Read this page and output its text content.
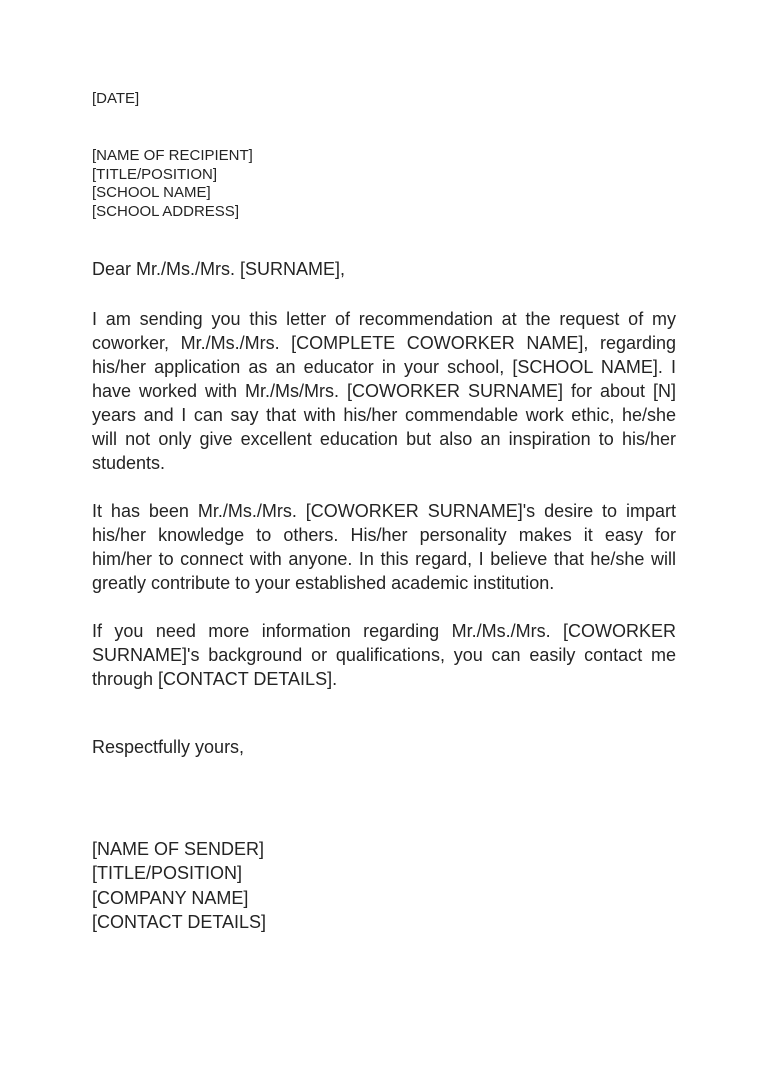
[DATE]
[NAME OF RECIPIENT]
[TITLE/POSITION]
[SCHOOL NAME]
[SCHOOL ADDRESS]
Dear Mr./Ms./Mrs. [SURNAME],

I am sending you this letter of recommendation at the request of my coworker, Mr./Ms./Mrs. [COMPLETE COWORKER NAME], regarding his/her application as an educator in your school, [SCHOOL NAME]. I have worked with Mr./Ms/Mrs. [COWORKER SURNAME] for about [N] years and I can say that with his/her commendable work ethic, he/she will not only give excellent education but also an inspiration to his/her students.

It has been Mr./Ms./Mrs. [COWORKER SURNAME]'s desire to impart his/her knowledge to others. His/her personality makes it easy for him/her to connect with anyone. In this regard, I believe that he/she will greatly contribute to your established academic institution.

If you need more information regarding Mr./Ms./Mrs. [COWORKER SURNAME]'s background or qualifications, you can easily contact me through [CONTACT DETAILS].

Respectfully yours,
[NAME OF SENDER]
[TITLE/POSITION]
[COMPANY NAME]
[CONTACT DETAILS]
